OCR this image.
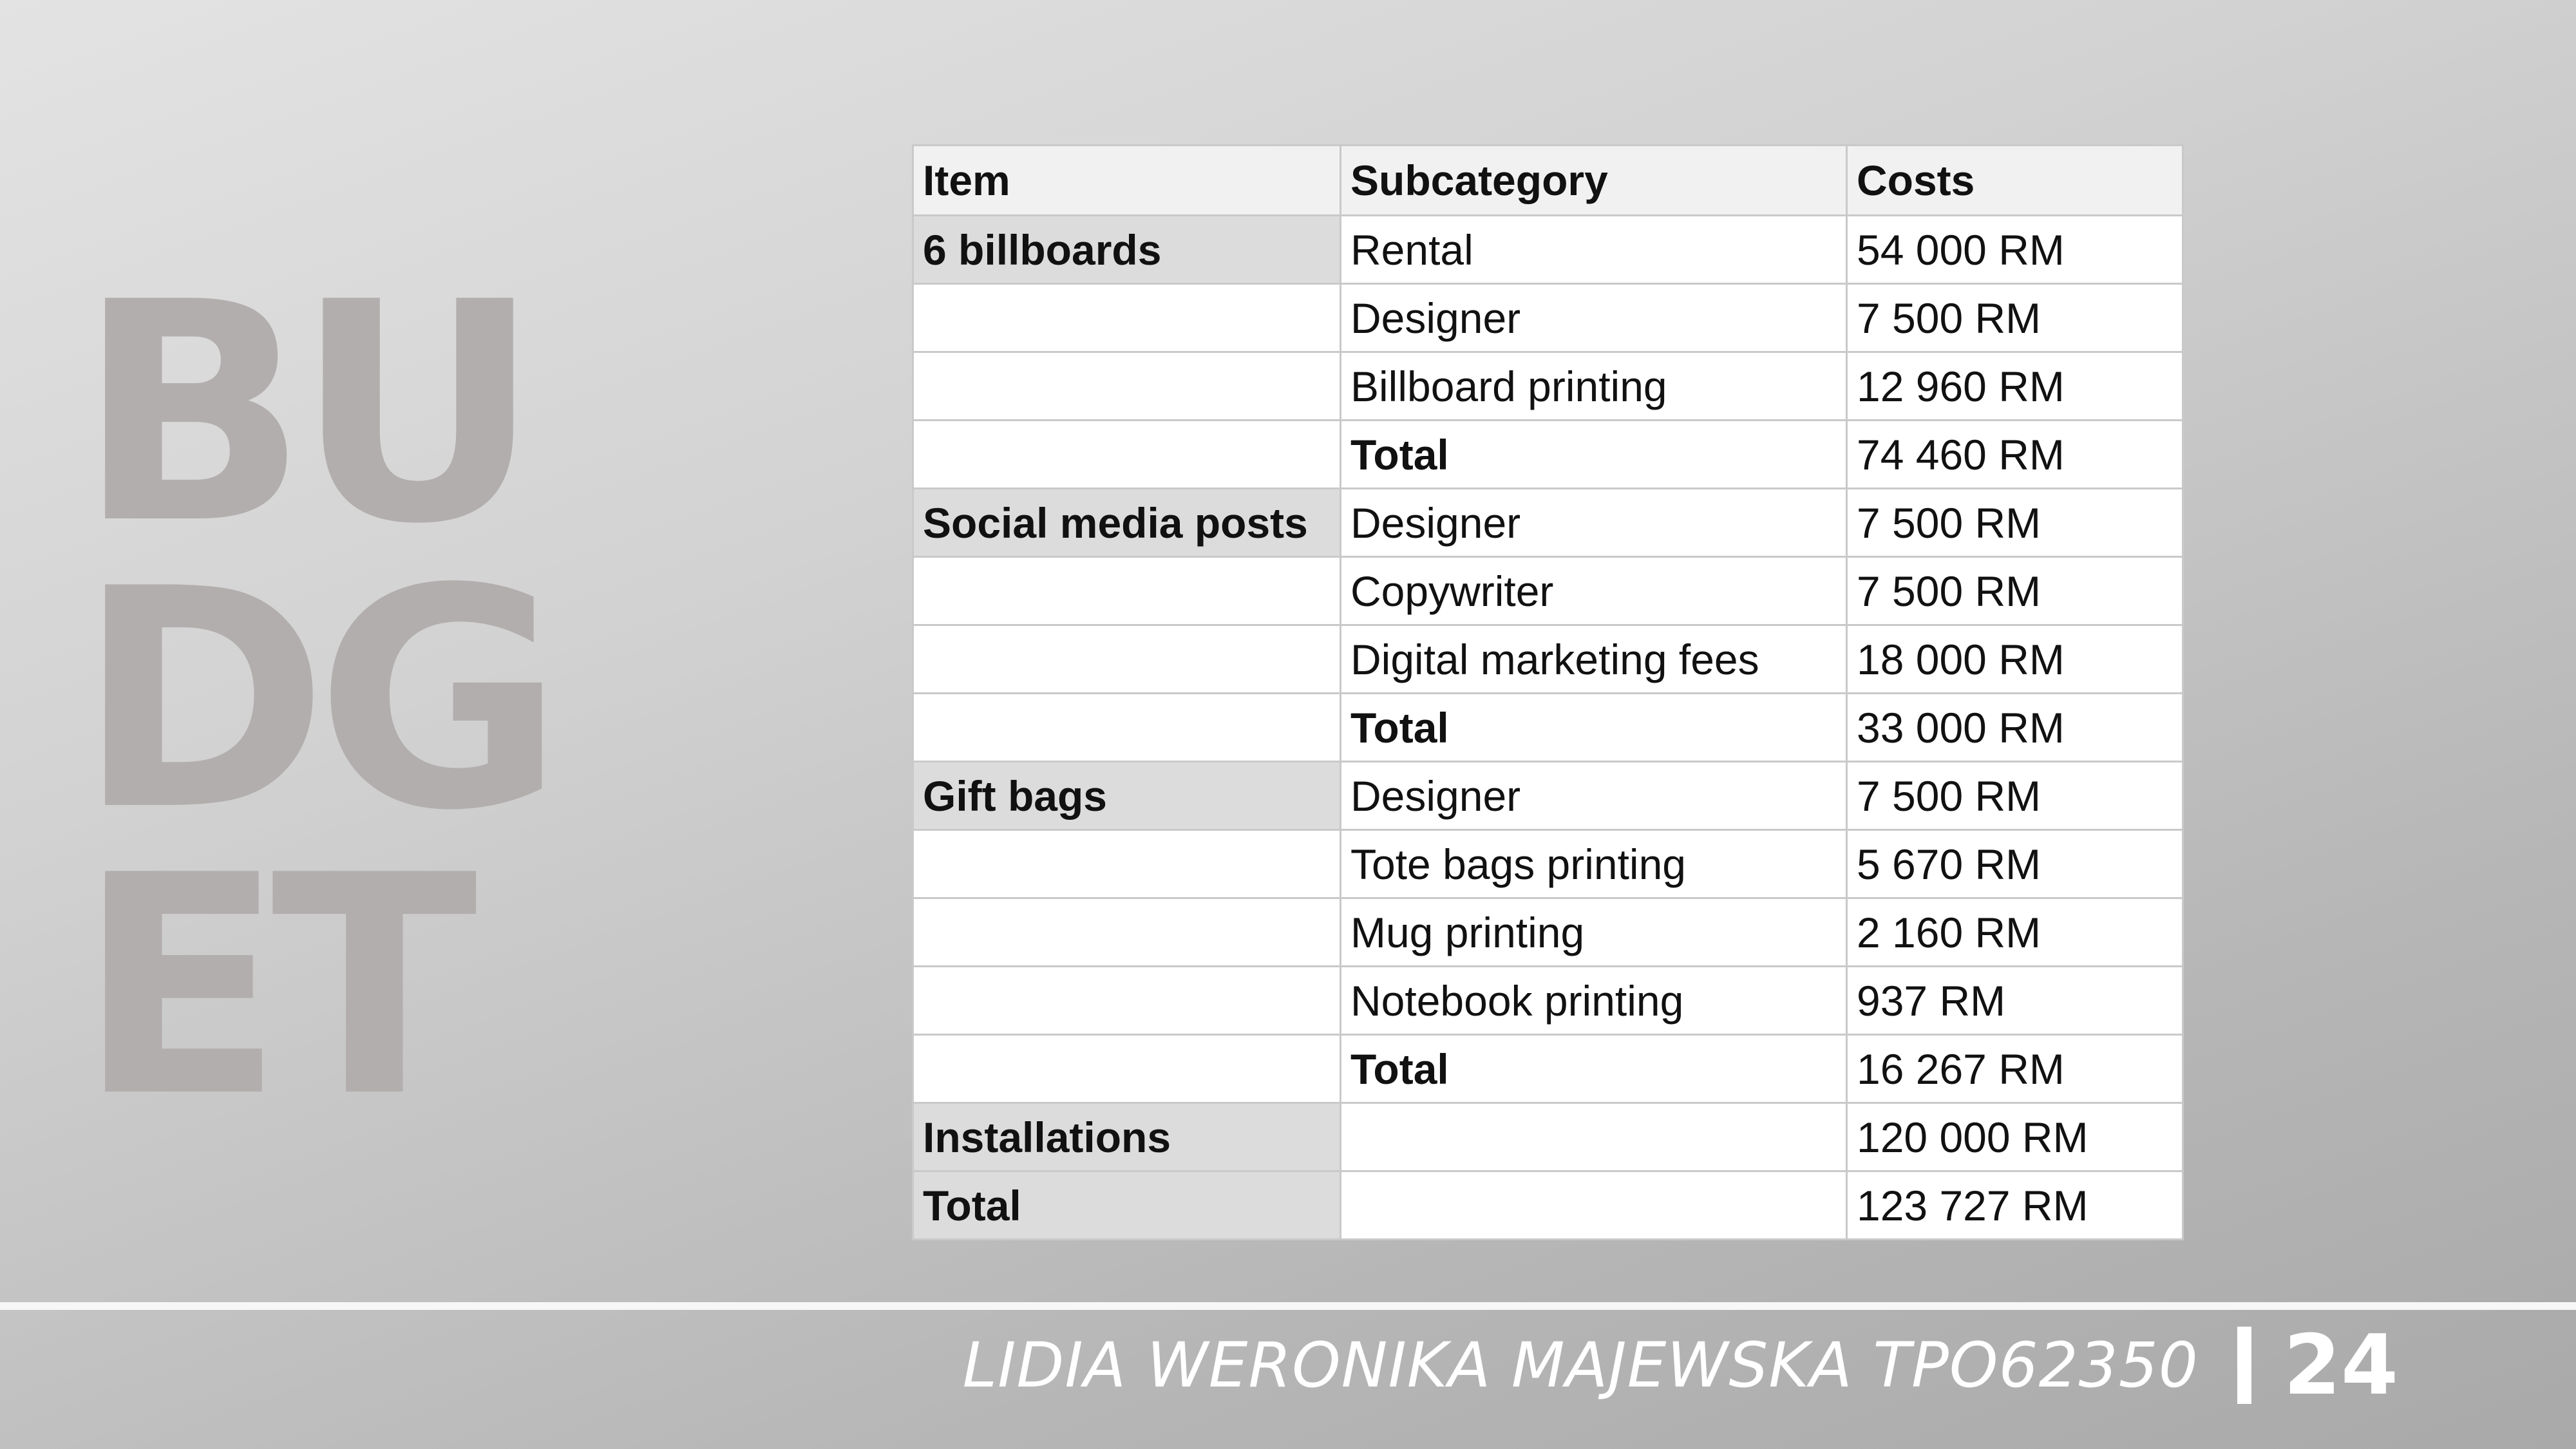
BU
DG
ET
Item	Subcategory	Costs
6 billboards	Rental	54 000 RM
	Designer	7 500 RM
	Billboard printing	12 960 RM
	Total	74 460 RM
Social media posts	Designer	7 500 RM
	Copywriter	7 500 RM
	Digital marketing fees	18 000 RM
	Total	33 000 RM
Gift bags	Designer	7 500 RM
	Tote bags printing	5 670 RM
	Mug printing	2 160 RM
	Notebook printing	937 RM
	Total	16 267 RM
Installations		120 000 RM
Total		123 727 RM
LIDIA WERONIKA MAJEWSKA TPO62350 24
